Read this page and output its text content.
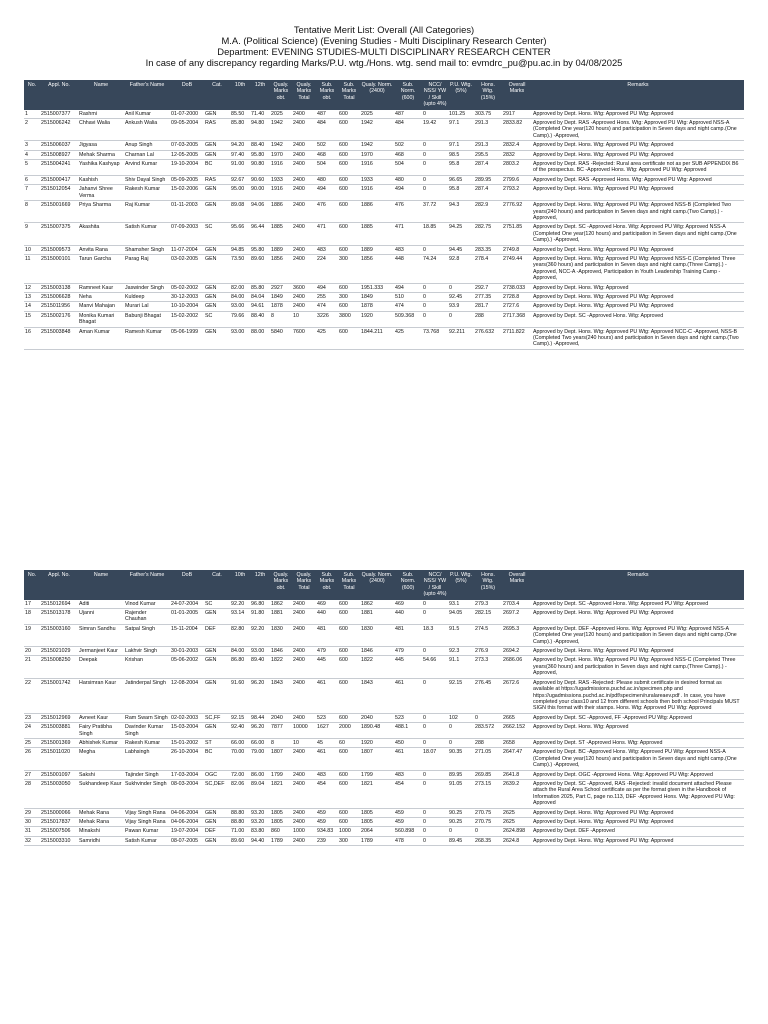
Tentative Merit List: Overall (All Categories)
M.A. (Political Science) (Evening Studies - Multi Disciplinary Research Center)
Department: EVENING STUDIES-MULTI DISCIPLINARY RESEARCH CENTER
In case of any discrepancy regarding Marks/P.U. wtg./Hons. wtg. send mail to: evmdrc_pu@pu.ac.in by 04/08/2025
No.	Appl. No.	Name	Father's Name	DoB	Cat.	10th	12th	Qualy. Marks obt.	Qualy. Marks Total	Sub. Marks obt.	Sub. Marks Total	Qualy. Norm. (2400)	Sub. Norm. (600)	NCC/ NSS/ YW / Skill (upto 4%)	P.U. Wtg. (5%)	Hons. Wtg. (15%)	Overall Marks	Remarks
1	2515007377	Rashmi	Anil Kumar	01-07-2000	GEN	85.50	71.40	2025	2400	487	600	2025	487	0	101.25	303.75	2917	Approved by Dept. Hons. Wtg: Approved PU Wtg: Approved
2	2515006242	Chhavi Walia	Ankush Walia	09-05-2004	RAS	85.80	94.80	1942	2400	484	600	1942	484	19.42	97.1	291.3	2833.82	Approved by Dept. RAS -Approved Hons. Wtg: Approved PU Wtg: Approved NSS-A (Completed One year(120 hours) and participation in Seven days and night camp.(One Camp).) -Approved,
3	2515006037	Jigyasa	Anup Singh	07-03-2005	GEN	94.20	88.40	1942	2400	502	600	1942	502	0	97.1	291.3	2832.4	Approved by Dept. Hons. Wtg: Approved PU Wtg: Approved
4	2515008927	Mehak Sharma	Charnan Lal	12-05-2005	GEN	97.40	95.80	1970	2400	468	600	1970	468	0	98.5	295.5	2832	Approved by Dept. Hons. Wtg: Approved PU Wtg: Approved
5	2515004241	Yashika Kashyap	Arvind Kumar	19-10-2004	BC	91.00	90.80	1916	2400	504	600	1916	504	0	95.8	287.4	2803.2	Approved by Dept. RAS -Rejected: Rural area certificate not as per SUB APPENDIX B6 of the prospectus. BC -Approved Hons. Wtg: Approved PU Wtg: Approved
6	2515000417	Kashish	Shiv Dayal Singh	05-09-2005	RAS	92.67	90.60	1933	2400	480	600	1933	480	0	96.65	289.95	2799.6	Approved by Dept. RAS -Approved Hons. Wtg: Approved PU Wtg: Approved
7	2515012054	Jahanvi Shree Verma	Rakesh Kumar	15-02-2006	GEN	95.00	90.00	1916	2400	494	600	1916	494	0	95.8	287.4	2793.2	Approved by Dept. Hons. Wtg: Approved PU Wtg: Approved
8	2515001669	Priya Sharma	Raj Kumar	01-11-2003	GEN	89.08	94.06	1886	2400	476	600	1886	476	37.72	94.3	282.9	2776.92	Approved by Dept. Hons. Wtg: Approved PU Wtg: Approved NSS-B (Completed Two years(240 hours) and participation in Seven days and night camp.(Two Camp).) -Approved,
9	2515007375	Akashita	Satish Kumar	07-09-2003	SC	95.66	96.44	1885	2400	471	600	1885	471	18.85	94.25	282.75	2751.85	Approved by Dept. SC -Approved Hons. Wtg: Approved PU Wtg: Approved NSS-A (Completed One year(120 hours) and participation in Seven days and night camp.(One Camp).) -Approved,
10	2515009573	Anvita Rana	Shamsher Singh	11-07-2004	GEN	94.85	95.80	1889	2400	483	600	1889	483	0	94.45	283.35	2749.8	Approved by Dept. Hons. Wtg: Approved PU Wtg: Approved
11	2515000101	Tarun Garcha	Parag Raj	03-02-2005	GEN	73.50	89.60	1856	2400	224	300	1856	448	74.24	92.8	278.4	2749.44	Approved by Dept. Hons. Wtg: Approved PU Wtg: Approved NSS-C (Completed Three years(360 hours) and participation in Seven days and night camp.(Three Camp).) -Approved, NCC-A -Approved, Participation in Youth Leadership Training Camp -Approved,
12	2515003138	Ramneet Kaur	Jaswinder Singh	05-02-2002	GEN	82.00	85.80	2927	3600	494	600	1951.333	494	0	0	292.7	2738.033	Approved by Dept. Hons. Wtg: Approved
13	2515006628	Neha	Kuldeep	30-12-2003	GEN	84.00	84.04	1849	2400	255	300	1849	510	0	92.45	277.35	2728.8	Approved by Dept. Hons. Wtg: Approved PU Wtg: Approved
14	2515011956	Manvi Mahajan	Murari Lal	10-10-2004	GEN	93.00	94.61	1878	2400	474	600	1878	474	0	93.9	281.7	2727.6	Approved by Dept. Hons. Wtg: Approved PU Wtg: Approved
15	2515002176	Monika Kumari Bhagat	Babunji Bhagat	15-02-2002	SC	79.66	88.40	8	10	3226	3800	1920	509.368	0	0	288	2717.368	Approved by Dept. SC -Approved Hons. Wtg: Approved
16	2515003848	Aman Kumar	Ramesh Kumar	05-06-1999	GEN	93.00	88.00	5840	7600	425	600	1844.211	425	73.768	92.211	276.632	2711.822	Approved by Dept. Hons. Wtg: Approved PU Wtg: Approved NCC-C -Approved, NSS-B (Completed Two years(240 hours) and participation in Seven days and night camp.(Two Camp).) -Approved,
No.	Appl. No.	Name	Father's Name	DoB	Cat.	10th	12th	Qualy. Marks obt.	Qualy. Marks Total	Sub. Marks obt.	Sub. Marks Total	Qualy. Norm. (2400)	Sub. Norm. (600)	NCC/ NSS/ YW / Skill (upto 4%)	P.U. Wtg. (5%)	Hons. Wtg. (15%)	Overall Marks	Remarks
17	2515012694	Aditi	Vinod Kumar	24-07-2004	SC	92.20	96.80	1862	2400	469	600	1862	469	0	93.1	279.3	2703.4	Approved by Dept. SC -Approved Hons. Wtg: Approved PU Wtg: Approved
18	2515013178	Ujanni	Rajender Chauhan	01-01-2005	GEN	93.14	91.80	1881	2400	440	600	1881	440	0	94.05	282.15	2697.2	Approved by Dept. Hons. Wtg: Approved PU Wtg: Approved
19	2515003160	Simran Sandhu	Satpal Singh	15-11-2004	DEF	82.80	92.20	1830	2400	481	600	1830	481	18.3	91.5	274.5	2695.3	Approved by Dept. DEF -Approved Hons. Wtg: Approved PU Wtg: Approved NSS-A (Completed One year(120 hours) and participation in Seven days and night camp.(One Camp).) -Approved,
20	2515021029	Jermanjeet Kaur	Lakhvir Singh	30-01-2003	GEN	84.00	93.00	1846	2400	479	600	1846	479	0	92.3	276.9	2694.2	Approved by Dept. Hons. Wtg: Approved PU Wtg: Approved
21	2515008250	Deepak	Krishan	05-06-2002	GEN	86.80	89.40	1822	2400	445	600	1822	445	54.66	91.1	273.3	2686.06	Approved by Dept. Hons. Wtg: Approved PU Wtg: Approved NSS-C (Completed Three years(360 hours) and participation in Seven days and night camp.(Three Camp).) -Approved,
22	2515001742	Harsimran Kaur	Jatinderpal Singh	12-08-2004	GEN	91.60	96.20	1843	2400	461	600	1843	461	0	92.15	276.45	2672.6	Approved by Dept. RAS -Rejected: Please submit certificate in desired format as available at https://ugadmissions.puchd.ac.in/specimen.php and https://ugadmissions.puchd.ac.in/pdf/specimen/ruralareaev.pdf . In case, you have completed your class10 and 12 from different schools then both school Principals MUST SIGN this format with their stamps. Hons. Wtg: Approved PU Wtg: Approved
23	2515012969	Avneet Kaur	Ram Swarn Singh	02-02-2003	SC,FF	92.15	98.44	2040	2400	523	600	2040	523	0	102	0	2665	Approved by Dept. SC -Approved, FF -Approved PU Wtg: Approved
24	2515003881	Fairy Pratibha Singh	Davinder Kumar Singh	15-03-2004	GEN	92.40	96.20	7877	10000	1627	2000	1890.48	488.1	0	0	283.572	2662.152	Approved by Dept. Hons. Wtg: Approved
25	2515001369	Abhishek Kumar	Rakesh Kumar	15-01-2002	ST	66.00	66.00	8	10	45	60	1920	450	0	0	288	2658	Approved by Dept. ST -Approved Hons. Wtg: Approved
26	2515011020	Megha	Labhsingh	26-10-2004	BC	70.00	79.00	1807	2400	461	600	1807	461	18.07	90.35	271.05	2647.47	Approved by Dept. BC -Approved Hons. Wtg: Approved PU Wtg: Approved NSS-A (Completed One year(120 hours) and participation in Seven days and night camp.(One Camp).) -Approved,
27	2515001097	Sakshi	Tajinder Singh	17-03-2004	OGC	72.00	86.00	1799	2400	483	600	1799	483	0	89.95	269.85	2641.8	Approved by Dept. OGC -Approved Hons. Wtg: Approved PU Wtg: Approved
28	2515003050	Sukhandeep Kaur	Sukhvinder Singh	08-03-2004	SC,DEF	82.06	89.04	1821	2400	454	600	1821	454	0	91.05	273.15	2639.2	Approved by Dept. SC -Approved, RAS -Rejected: invalid document attached Please attach the Rural Area School certificate as per the format given in the Handbook of Information 2025, Part C, page no.113, DEF -Approved Hons. Wtg: Approved PU Wtg: Approved
29	2515000066	Mehak Rana	Vijay Singh Rana	04-06-2004	GEN	88.80	93.20	1805	2400	459	600	1805	459	0	90.25	270.75	2625	Approved by Dept. Hons. Wtg: Approved PU Wtg: Approved
30	2515017837	Mehak Rana	Vijay Singh Rana	04-06-2004	GEN	88.80	93.20	1805	2400	459	600	1805	459	0	90.25	270.75	2625	Approved by Dept. Hons. Wtg: Approved PU Wtg: Approved
31	2515007506	Minakshi	Pawan Kumar	19-07-2004	DEF	71.00	83.80	860	1000	934.83	1000	2064	560.898	0	0	0	2624.898	Approved by Dept. DEF -Approved
32	2515003310	Samridhi	Satish Kumar	08-07-2005	GEN	89.60	94.40	1789	2400	239	300	1789	478	0	89.45	268.35	2624.8	Approved by Dept. Hons. Wtg: Approved PU Wtg: Approved
